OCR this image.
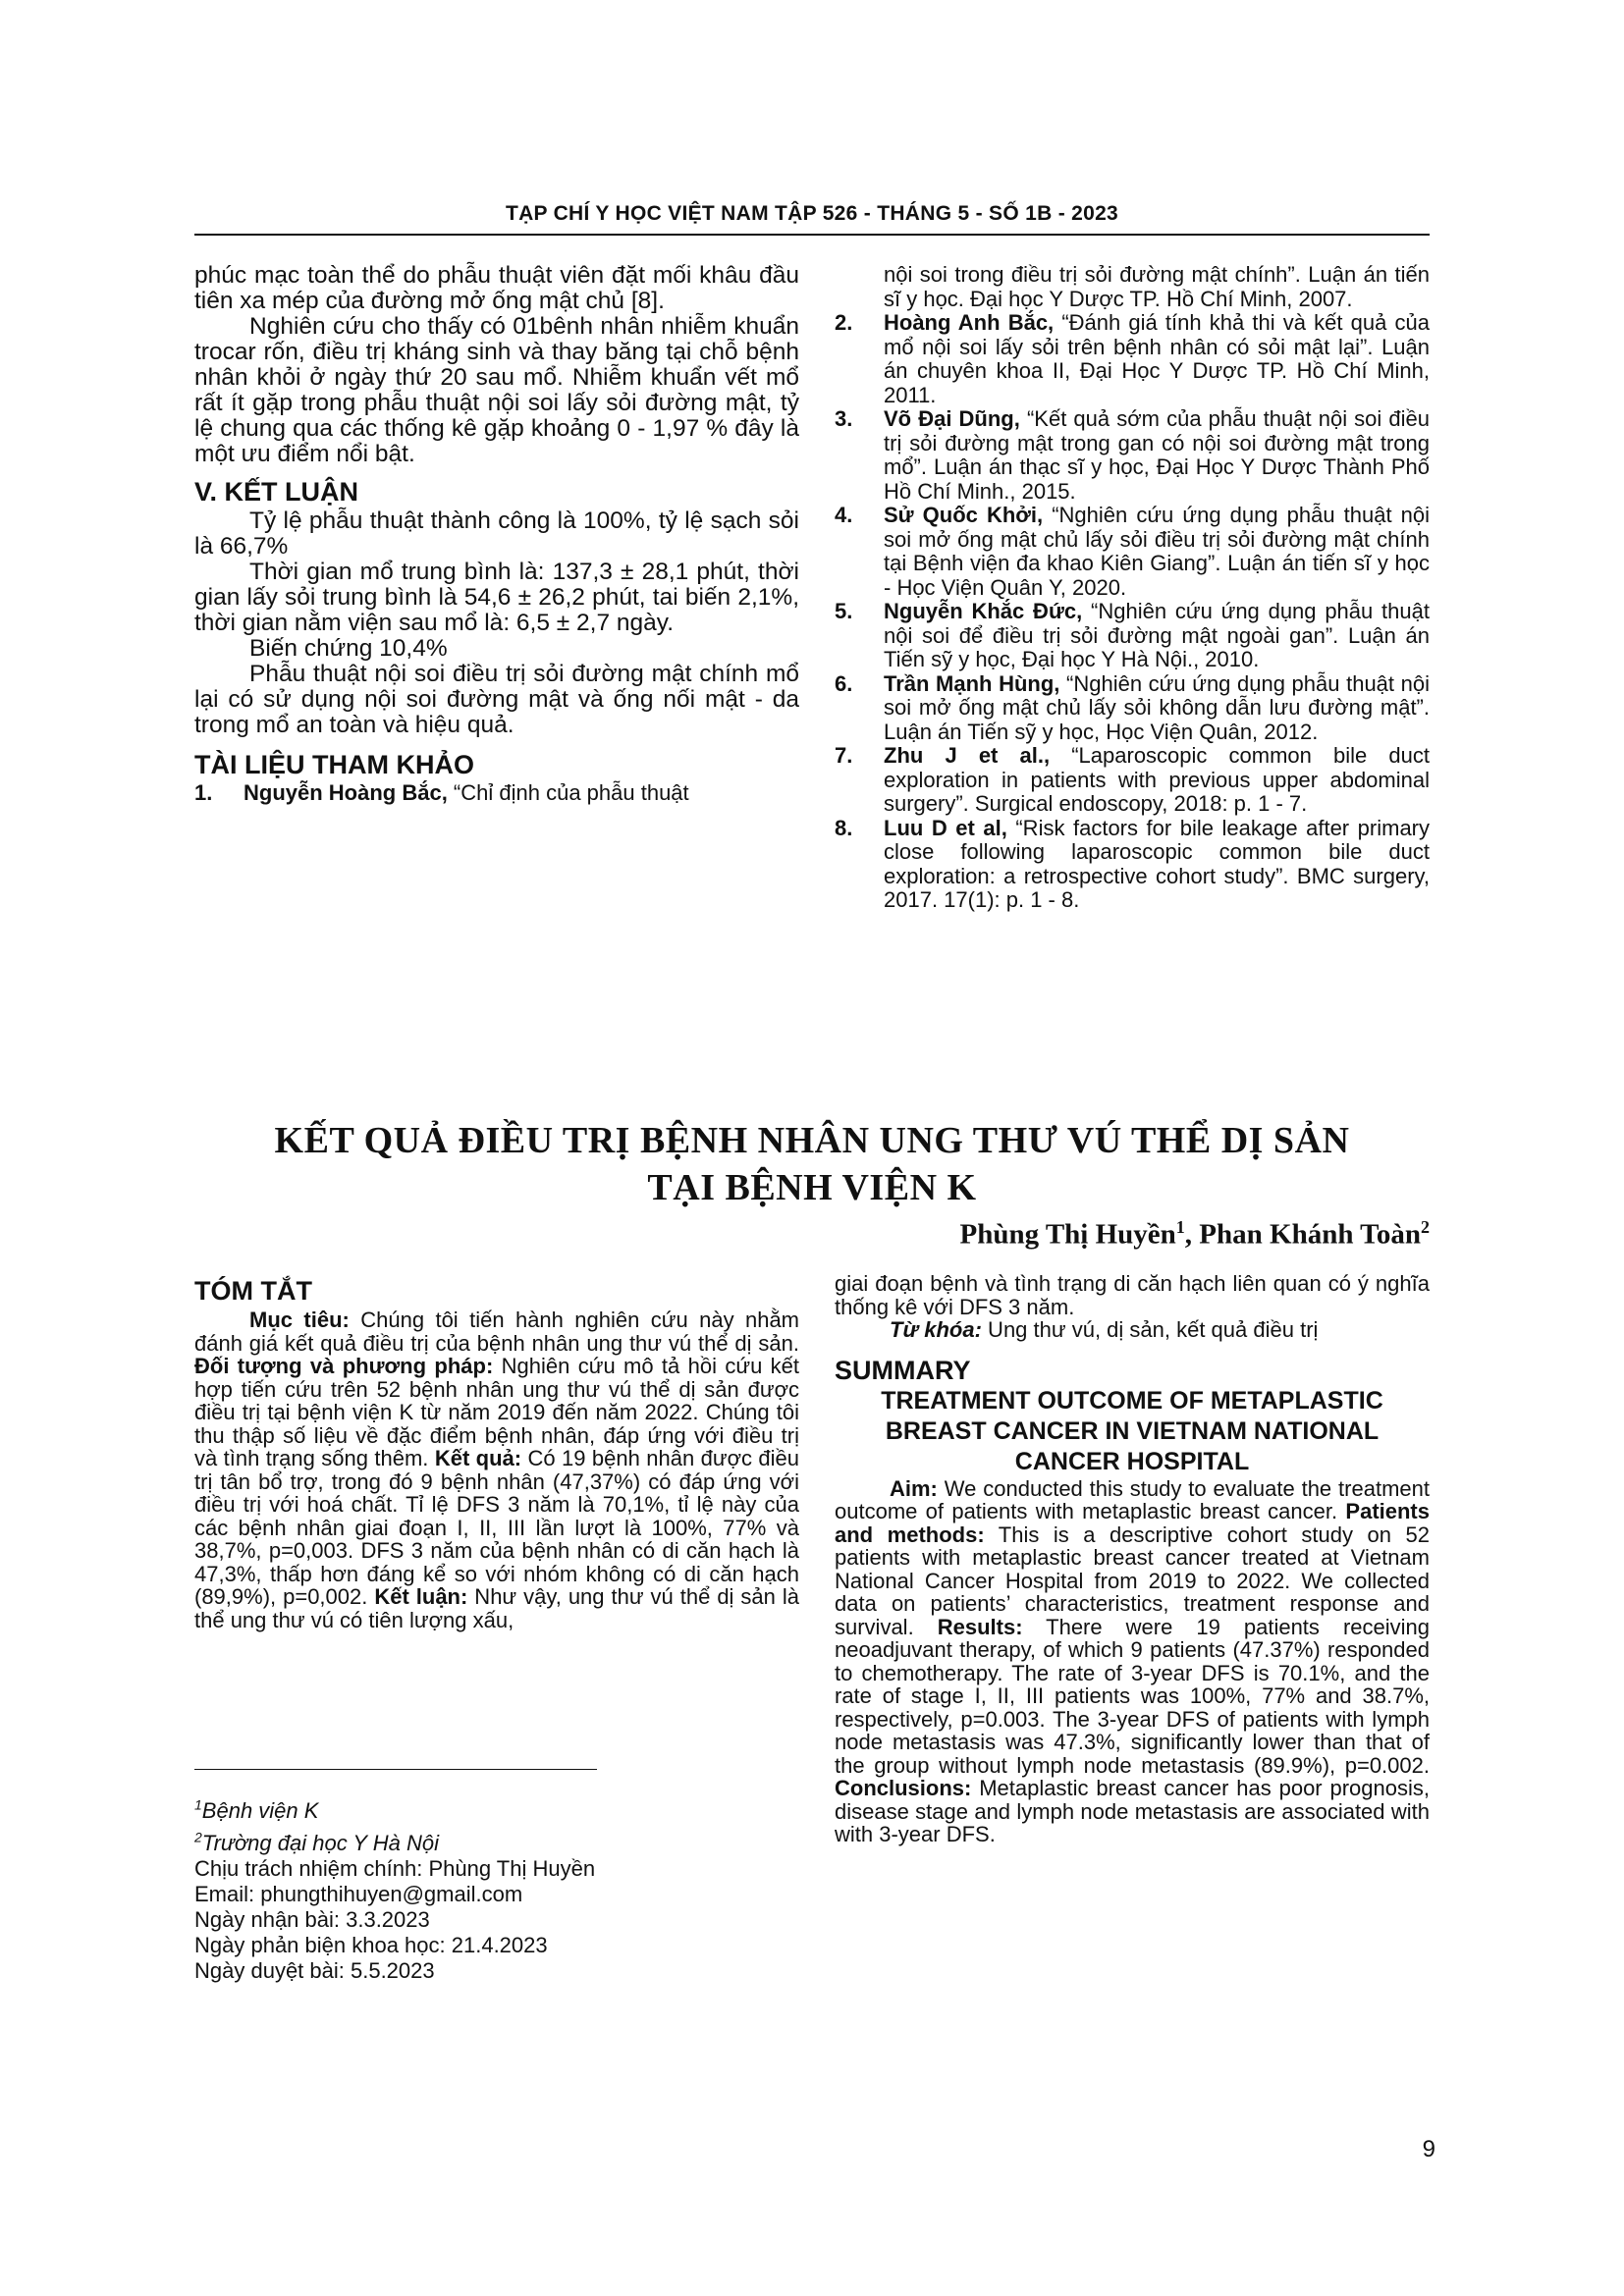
TẠP CHÍ Y HỌC VIỆT NAM TẬP 526 - THÁNG 5 - SỐ 1B - 2023

phúc mạc toàn thể do phẫu thuật viên đặt mối khâu đầu tiên xa mép của đường mở ống mật chủ [8].

Nghiên cứu cho thấy có 01bênh nhân nhiễm khuẩn trocar rốn, điều trị kháng sinh và thay băng tại chỗ bệnh nhân khỏi ở ngày thứ 20 sau mổ. Nhiễm khuẩn vết mổ rất ít gặp trong phẫu thuật nội soi lấy sỏi đường mật, tỷ lệ chung qua các thống kê gặp khoảng 0 - 1,97 % đây là một ưu điểm nổi bật.

V. KẾT LUẬN

Tỷ lệ phẫu thuật thành công là 100%, tỷ lệ sạch sỏi là 66,7%

Thời gian mổ trung bình là: 137,3 ± 28,1 phút, thời gian lấy sỏi trung bình là 54,6 ± 26,2 phút, tai biến 2,1%, thời gian nằm viện sau mổ là: 6,5 ± 2,7 ngày.

Biến chứng 10,4%

Phẫu thuật nội soi điều trị sỏi đường mật chính mổ lại có sử dụng nội soi đường mật và ống nối mật - da trong mổ an toàn và hiệu quả.

TÀI LIỆU THAM KHẢO
1.	Nguyễn Hoàng Bắc, “Chỉ định của phẫu thuật
nội soi trong điều trị sỏi đường mật chính”. Luận án tiến sĩ y học. Đại học Y Dược TP. Hồ Chí Minh, 2007.
2.	Hoàng Anh Bắc, “Đánh giá tính khả thi và kết quả của mổ nội soi lấy sỏi trên bệnh nhân có sỏi mật lại”. Luận án chuyên khoa II, Đại Học Y Dược TP. Hồ Chí Minh, 2011.
3.	Võ Đại Dũng, “Kết quả sớm của phẫu thuật nội soi điều trị sỏi đường mật trong gan có nội soi đường mật trong mổ”. Luận án thạc sĩ y học, Đại Học Y Dược Thành Phố Hồ Chí Minh., 2015.
4.	Sử Quốc Khởi, “Nghiên cứu ứng dụng phẫu thuật nội soi mở ống mật chủ lấy sỏi điều trị sỏi đường mật chính tại Bệnh viện đa khao Kiên Giang”. Luận án tiến sĩ y học - Học Viện Quân Y, 2020.
5.	Nguyễn Khắc Đức, “Nghiên cứu ứng dụng phẫu thuật nội soi để điều trị sỏi đường mật ngoài gan”. Luận án Tiến sỹ y học, Đại học Y Hà Nội., 2010.
6.	Trần Mạnh Hùng, “Nghiên cứu ứng dụng phẫu thuật nội soi mở ống mật chủ lấy sỏi không dẫn lưu đường mật”. Luận án Tiến sỹ y học, Học Viện Quân, 2012.
7.	Zhu J et al., “Laparoscopic common bile duct exploration in patients with previous upper abdominal surgery”. Surgical endoscopy, 2018: p. 1 - 7.
8.	Luu D et al, “Risk factors for bile leakage after primary close following laparoscopic common bile duct exploration: a retrospective cohort study”. BMC surgery, 2017. 17(1): p. 1 - 8.
KẾT QUẢ ĐIỀU TRỊ BỆNH NHÂN UNG THƯ VÚ THỂ DỊ SẢN
TẠI BỆNH VIỆN K
Phùng Thị Huyền$^1$, Phan Khánh Toàn$^2$
TÓM TẮT

Mục tiêu: Chúng tôi tiến hành nghiên cứu này nhằm đánh giá kết quả điều trị của bệnh nhân ung thư vú thể dị sản. Đối tượng và phương pháp: Nghiên cứu mô tả hồi cứu kết hợp tiến cứu trên 52 bệnh nhân ung thư vú thể dị sản được điều trị tại bệnh viện K từ năm 2019 đến năm 2022. Chúng tôi thu thập số liệu về đặc điểm bệnh nhân, đáp ứng với điều trị và tình trạng sống thêm. Kết quả: Có 19 bệnh nhân được điều trị tân bổ trợ, trong đó 9 bệnh nhân (47,37%) có đáp ứng với điều trị với hoá chất. Tỉ lệ DFS 3 năm là 70,1%, tỉ lệ này của các bệnh nhân giai đoạn I, II, III lần lượt là 100%, 77% và 38,7%, p=0,003. DFS 3 năm của bệnh nhân có di căn hạch là 47,3%, thấp hơn đáng kể so với nhóm không có di căn hạch (89,9%), p=0,002. Kết luận: Như vậy, ung thư vú thể dị sản là thể ung thư vú có tiên lượng xấu,

giai đoạn bệnh và tình trạng di căn hạch liên quan có ý nghĩa thống kê với DFS 3 năm.

Từ khóa: Ung thư vú, dị sản, kết quả điều trị

SUMMARY
TREATMENT OUTCOME OF METAPLASTIC BREAST CANCER IN VIETNAM NATIONAL CANCER HOSPITAL

Aim: We conducted this study to evaluate the treatment outcome of patients with metaplastic breast cancer. Patients and methods: This is a descriptive cohort study on 52 patients with metaplastic breast cancer treated at Vietnam National Cancer Hospital from 2019 to 2022. We collected data on patients’ characteristics, treatment response and survival. Results: There were 19 patients receiving neoadjuvant therapy, of which 9 patients (47.37%) responded to chemotherapy. The rate of 3-year DFS is 70.1%, and the rate of stage I, II, III patients was 100%, 77% and 38.7%, respectively, p=0.003. The 3-year DFS of patients with lymph node metastasis was 47.3%, significantly lower than that of the group without lymph node metastasis (89.9%), p=0.002. Conclusions: Metaplastic breast cancer has poor prognosis, disease stage and lymph node metastasis are associated with with 3-year DFS.

$^1$Bệnh viện K
$^2$Trường đại học Y Hà Nội
Chịu trách nhiệm chính: Phùng Thị Huyền
Email: phungthihuyen@gmail.com
Ngày nhận bài: 3.3.2023
Ngày phản biện khoa học: 21.4.2023
Ngày duyệt bài: 5.5.2023
9
